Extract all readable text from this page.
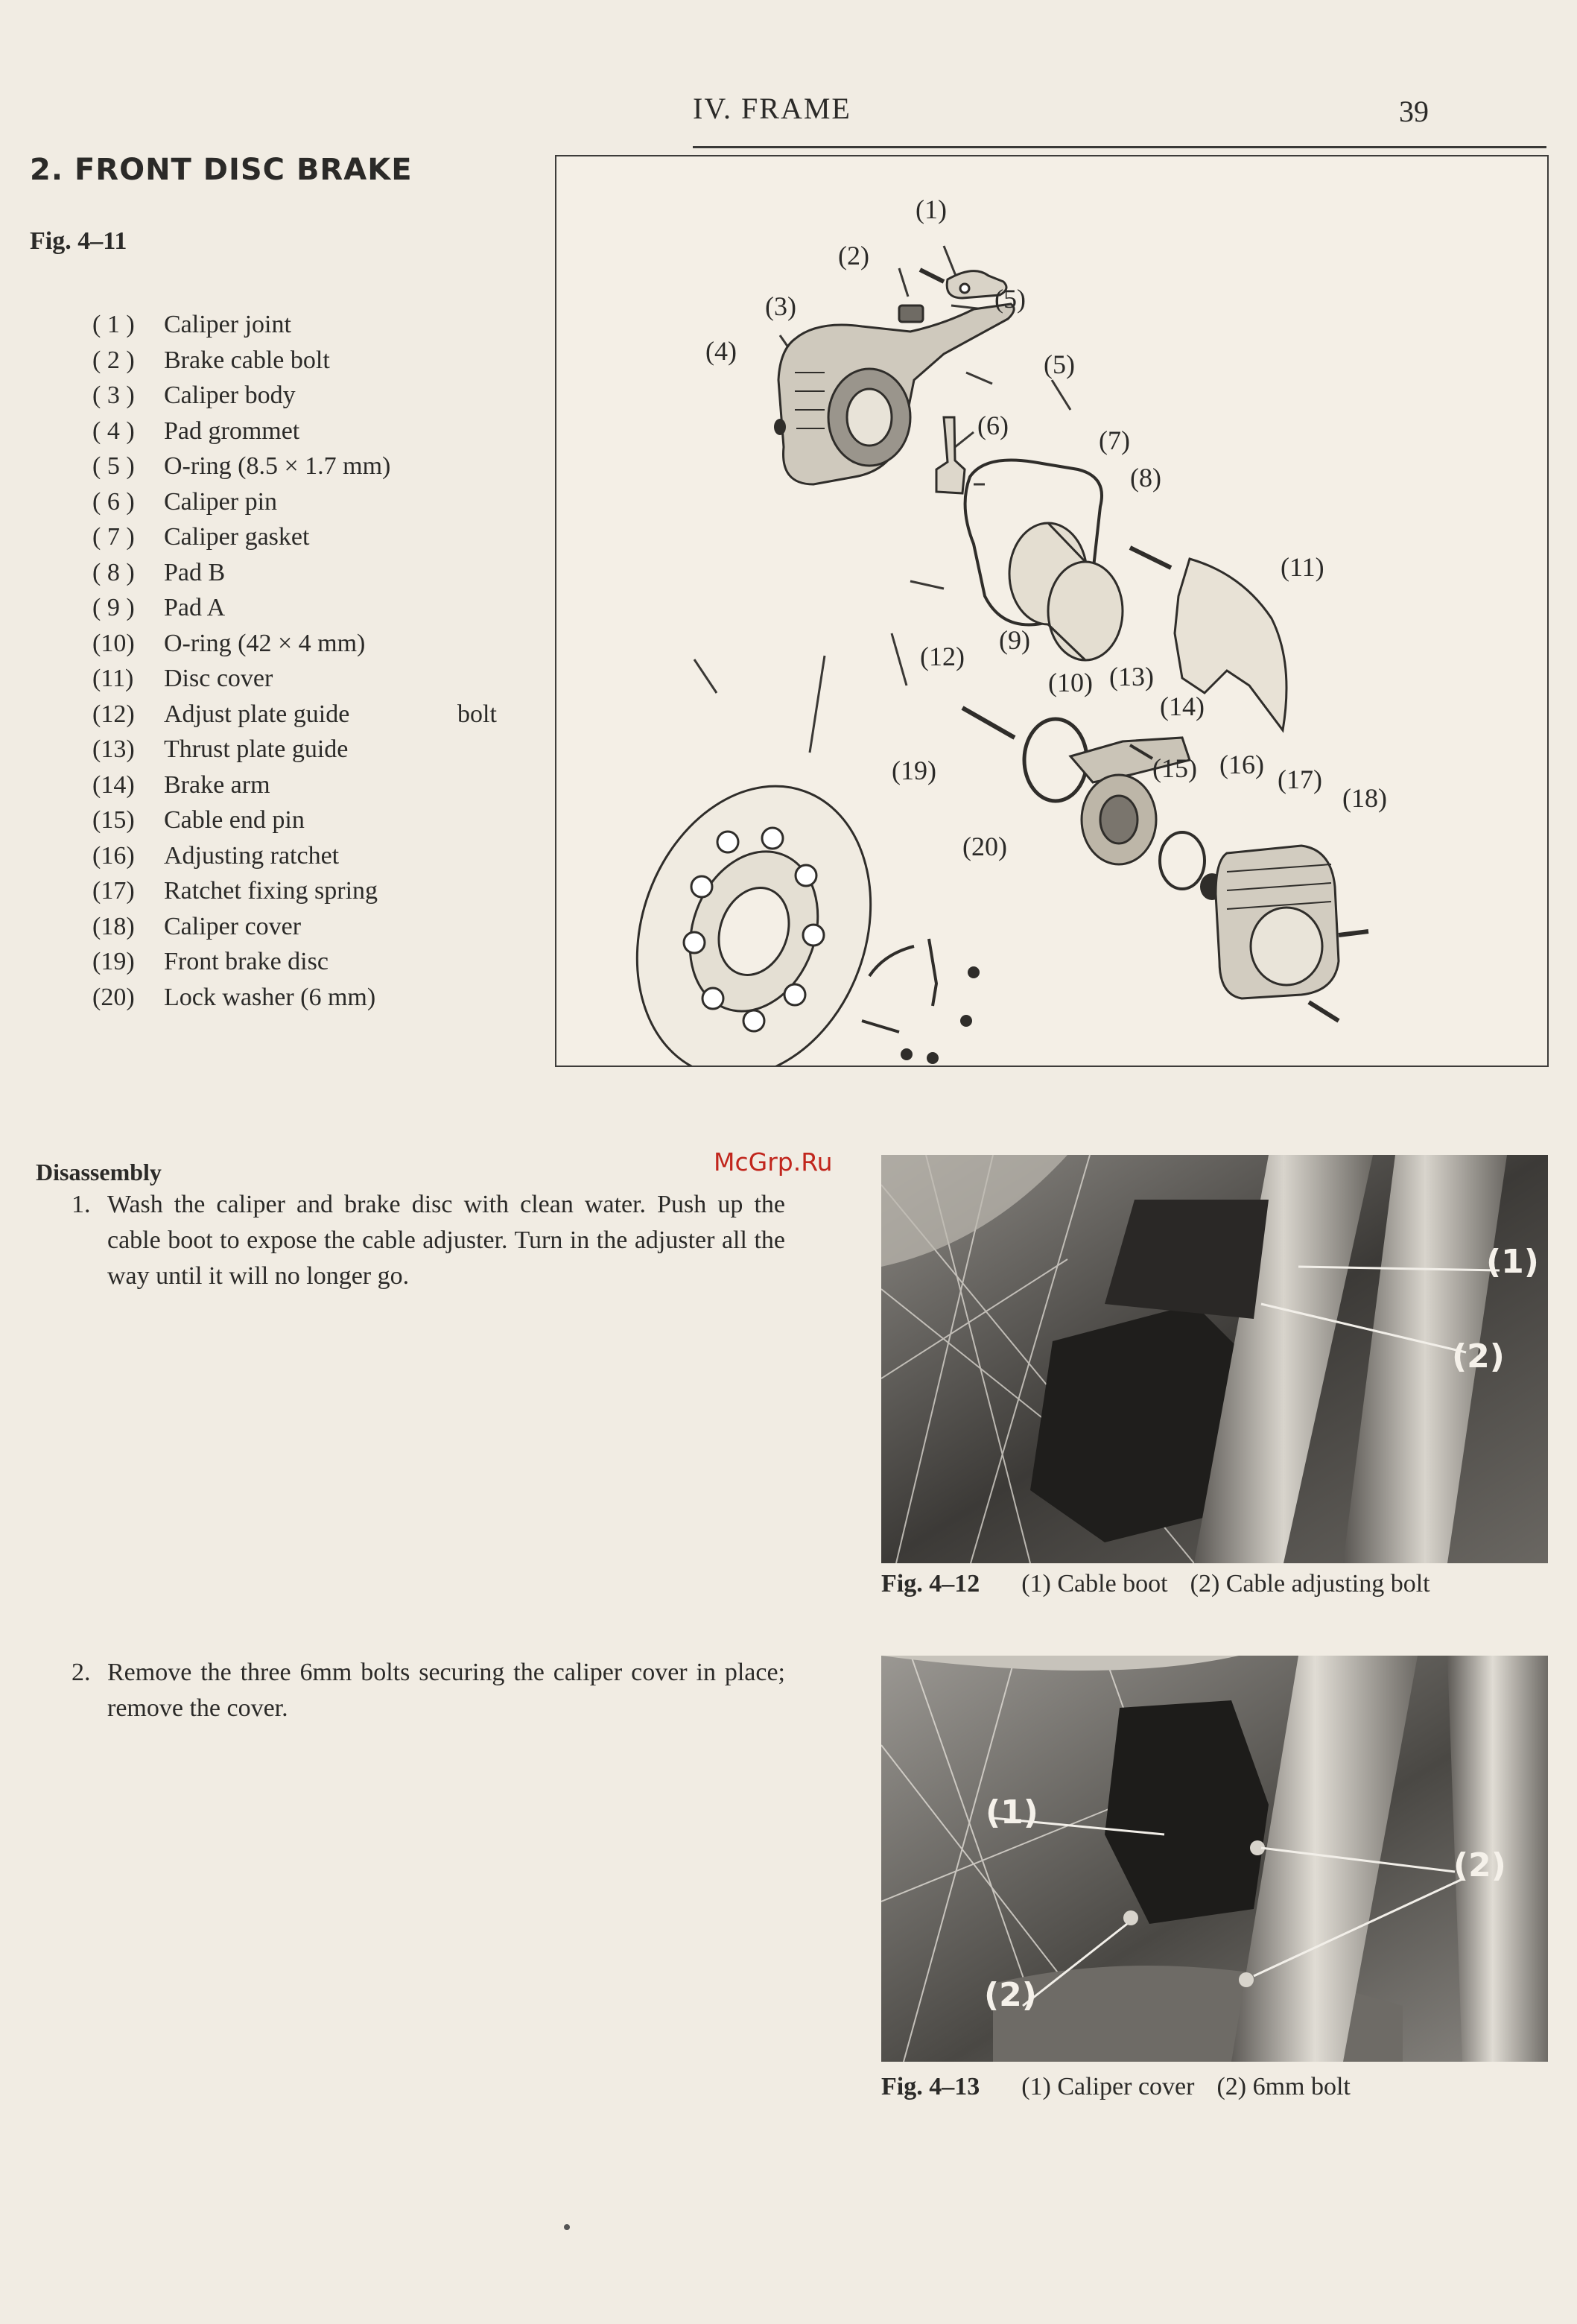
IV. FRAME	39
2. FRONT DISC BRAKE
Fig. 4–11
( 1 ) Caliper joint
( 2 ) Brake cable bolt
( 3 ) Caliper body
( 4 ) Pad grommet
( 5 ) O-ring (8.5 × 1.7 mm)
( 6 ) Caliper pin
( 7 ) Caliper gasket
( 8 ) Pad B
( 9 ) Pad A
(10) O-ring (42 × 4 mm)
(11) Disc cover
(12) Adjust plate guide	bolt
(13) Thrust plate guide
(14) Brake arm
(15) Cable end pin
(16) Adjusting ratchet
(17) Ratchet fixing spring
(18) Caliper cover
(19) Front brake disc
(20) Lock washer (6 mm)
(1)
(2)
(3)
(4)
(5)
(5)
(6)	(7)
(8)
(9)
(10)
(11)
(12)
(13)
(14)
(15) (16) (17)
(18)
(19)
(20)
Disassembly
1. Wash the caliper and brake disc with clean water. Push up the cable boot to expose the cable adjuster. Turn in the adjuster all the way until it will no longer go.
2. Remove the three 6mm bolts securing the caliper cover in place; remove the cover.
McGrp.Ru
(1)
(2)
Fig. 4–12 (1) Cable boot (2) Cable adjusting bolt
(1)
(2)
(2)
Fig. 4–13 (1) Caliper cover (2) 6mm bolt
